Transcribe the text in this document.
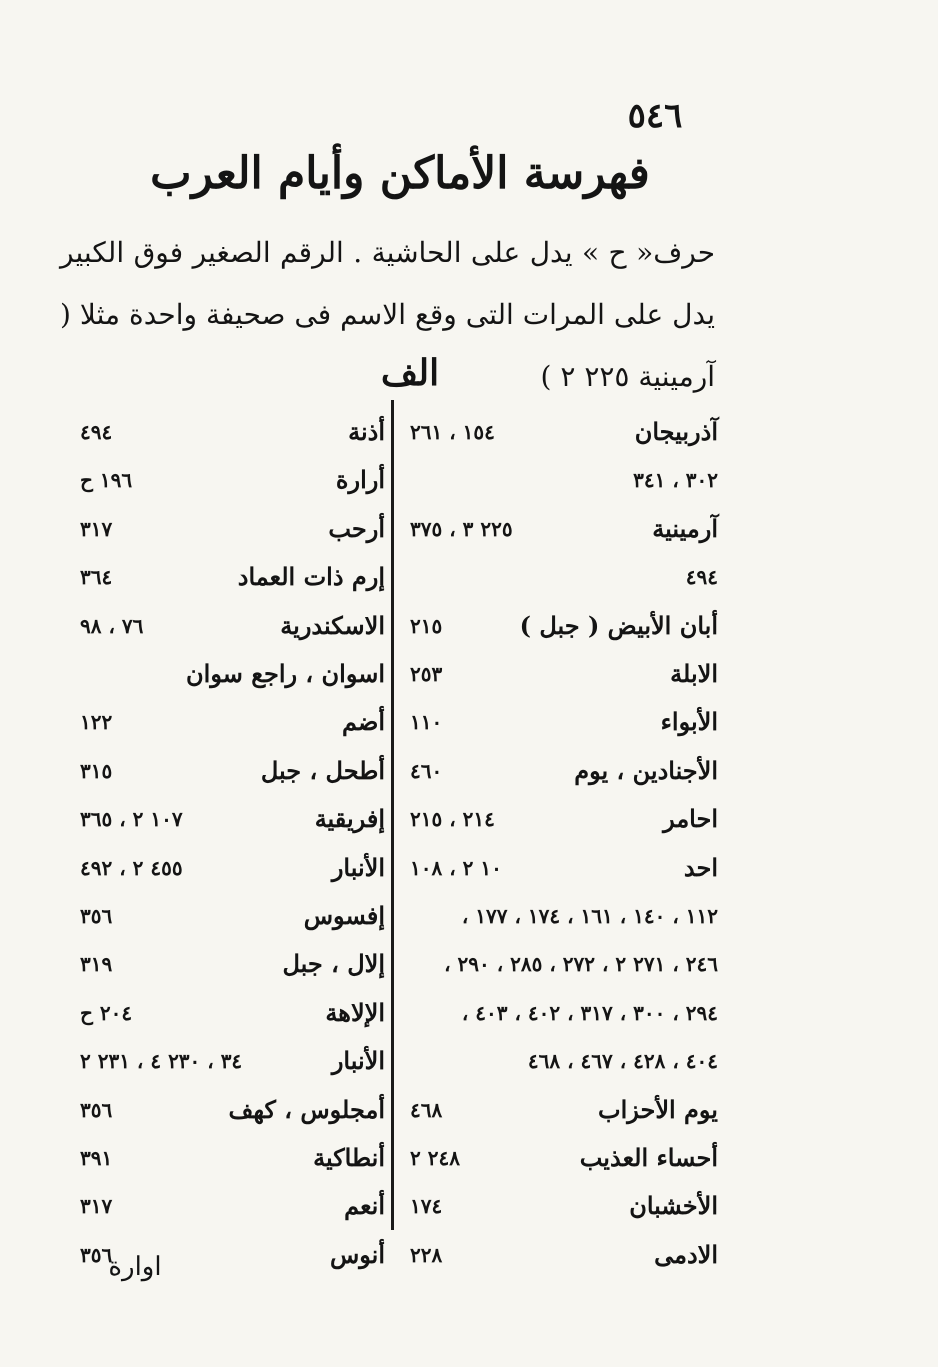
٥٤٦
فهرسة الأماكن وأيام العرب
حرف« ح » يدل على الحاشية . الرقم الصغير فوق الكبير يدل على المرات التى وقع الاسم فى صحيفة واحدة مثلا ( آرمينية ٢٢٥ ٢ )
الف
آذربيجان
١٥٤ ، ٢٦١
٣٠٢ ، ٣٤١
آرمينية
٢٢٥ ٣ ، ٣٧٥
٤٩٤
أبان الأبيض ( جبل )
٢١٥
الابلة
٢٥٣
الأبواء
١١٠
الأجنادين ، يوم
٤٦٠
احامر
٢١٤ ، ٢١٥
احد
١٠ ٢ ، ١٠٨
١١٢ ، ١٤٠ ، ١٦١ ، ١٧٤ ، ١٧٧ ،
٢٤٦ ، ٢٧١ ٢ ، ٢٧٢ ، ٢٨٥ ، ٢٩٠ ،
٢٩٤ ، ٣٠٠ ، ٣١٧ ، ٤٠٢ ، ٤٠٣ ،
٤٠٤ ، ٤٢٨ ، ٤٦٧ ، ٤٦٨
يوم الأحزاب
٤٦٨
أحساء العذيب
٢٤٨ ٢
الأخشبان
١٧٤
الادمى
٢٢٨
أذنة
٤٩٤
أرارة
١٩٦ ح
أرحب
٣١٧
إرم ذات العماد
٣٦٤
الاسكندرية
٧٦ ، ٩٨
اسوان ، راجع سوان
أضم
١٢٢
أطحل ، جبل
٣١٥
إفريقية
١٠٧ ٢ ، ٣٦٥
الأنبار
٤٥٥ ٢ ، ٤٩٢
إفسوس
٣٥٦
إلال ، جبل
٣١٩
الإلاهة
٢٠٤ ح
الأنبار
٣٤ ، ٢٣٠ ٤ ، ٢٣١ ٢
أمجلوس ، كهف
٣٥٦
أنطاكية
٣٩١
أنعم
٣١٧
أنوس
٣٥٦
اوارة
